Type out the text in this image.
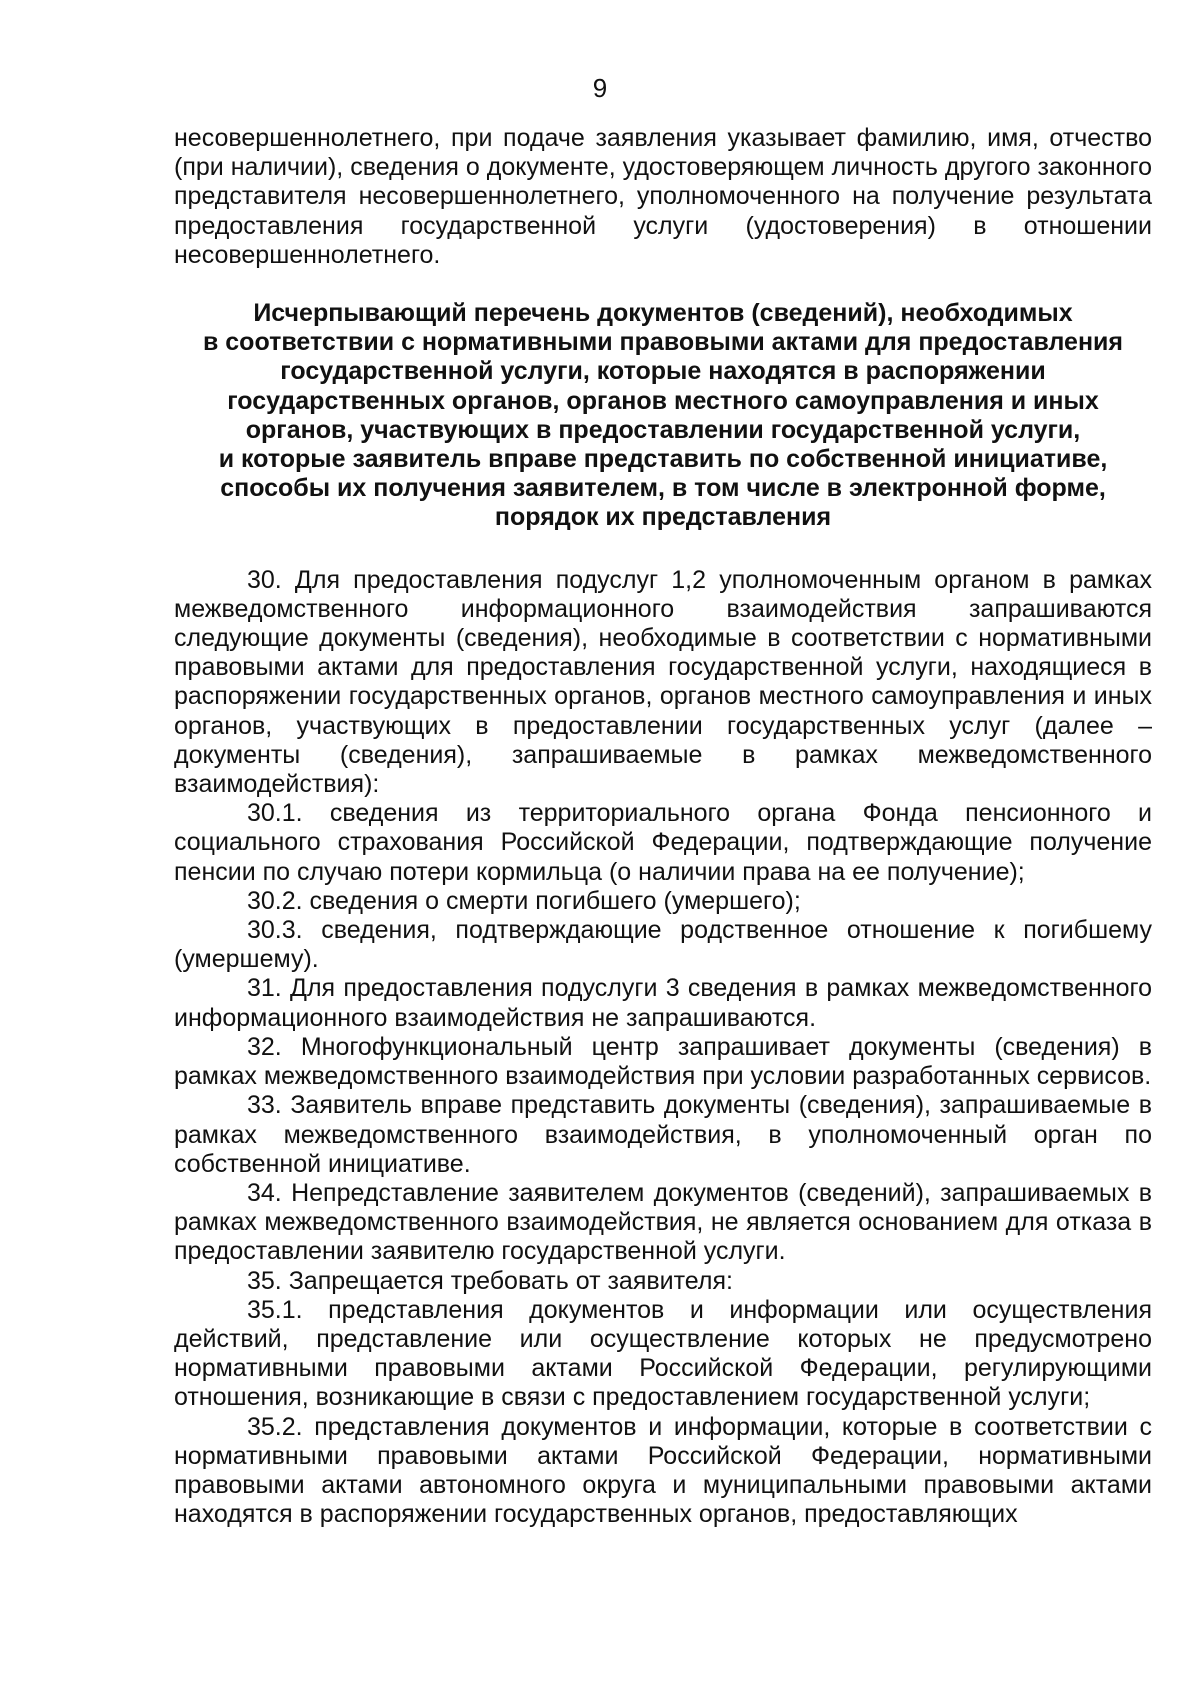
9

несовершеннолетнего, при подаче заявления указывает фамилию, имя, отчество (при наличии), сведения о документе, удостоверяющем личность другого законного представителя несовершеннолетнего, уполномоченного на получение результата предоставления государственной услуги (удостоверения) в отношении несовершеннолетнего.

Исчерпывающий перечень документов (сведений), необходимых
в соответствии с нормативными правовыми актами для предоставления
государственной услуги, которые находятся в распоряжении
государственных органов, органов местного самоуправления и иных
органов, участвующих в предоставлении государственной услуги,
и которые заявитель вправе представить по собственной инициативе,
способы их получения заявителем, в том числе в электронной форме,
порядок их представления

30. Для предоставления подуслуг 1,2 уполномоченным органом в рамках межведомственного информационного взаимодействия запрашиваются следующие документы (сведения), необходимые в соответствии с нормативными правовыми актами для предоставления государственной услуги, находящиеся в распоряжении государственных органов, органов местного самоуправления и иных органов, участвующих в предоставлении государственных услуг (далее – документы (сведения), запрашиваемые в рамках межведомственного взаимодействия):

30.1. сведения из территориального органа Фонда пенсионного и социального страхования Российской Федерации, подтверждающие получение пенсии по случаю потери кормильца (о наличии права на ее получение);

30.2. сведения о смерти погибшего (умершего);

30.3. сведения, подтверждающие родственное отношение к погибшему (умершему).

31. Для предоставления подуслуги 3 сведения в рамках межведомственного информационного взаимодействия не запрашиваются.

32. Многофункциональный центр запрашивает документы (сведения) в рамках межведомственного взаимодействия при условии разработанных сервисов.

33. Заявитель вправе представить документы (сведения), запрашиваемые в рамках межведомственного взаимодействия, в уполномоченный орган по собственной инициативе.

34. Непредставление заявителем документов (сведений), запрашиваемых в рамках межведомственного взаимодействия, не является основанием для отказа в предоставлении заявителю государственной услуги.

35. Запрещается требовать от заявителя:

35.1. представления документов и информации или осуществления действий, представление или осуществление которых не предусмотрено нормативными правовыми актами Российской Федерации, регулирующими отношения, возникающие в связи с предоставлением государственной услуги;

35.2. представления документов и информации, которые в соответствии с нормативными правовыми актами Российской Федерации, нормативными правовыми актами автономного округа и муниципальными правовыми актами находятся в распоряжении государственных органов, предоставляющих
